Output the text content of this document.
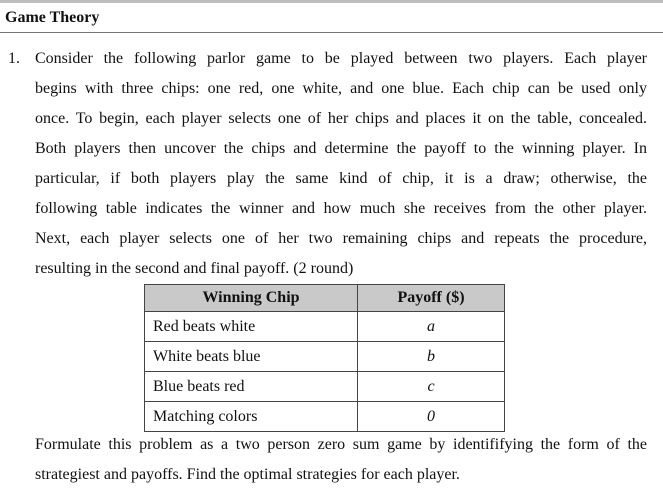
Game Theory
1. Consider the following parlor game to be played between two players. Each player
begins with three chips: one red, one white, and one blue. Each chip can be used only
once. To begin, each player selects one of her chips and places it on the table, concealed.
Both players then uncover the chips and determine the payoff to the winning player. In
particular, if both players play the same kind of chip, it is a draw; otherwise, the
following table indicates the winner and how much she receives from the other player.
Next, each player selects one of her two remaining chips and repeats the procedure,
resulting in the second and final payoff. (2 round)
Winning Chip	Payoff ($)
Red beats white	a
White beats blue	b
Blue beats red	c
Matching colors	0
Formulate this problem as a two person zero sum game by identififying the form of the
strategiest and payoffs. Find the optimal strategies for each player.
